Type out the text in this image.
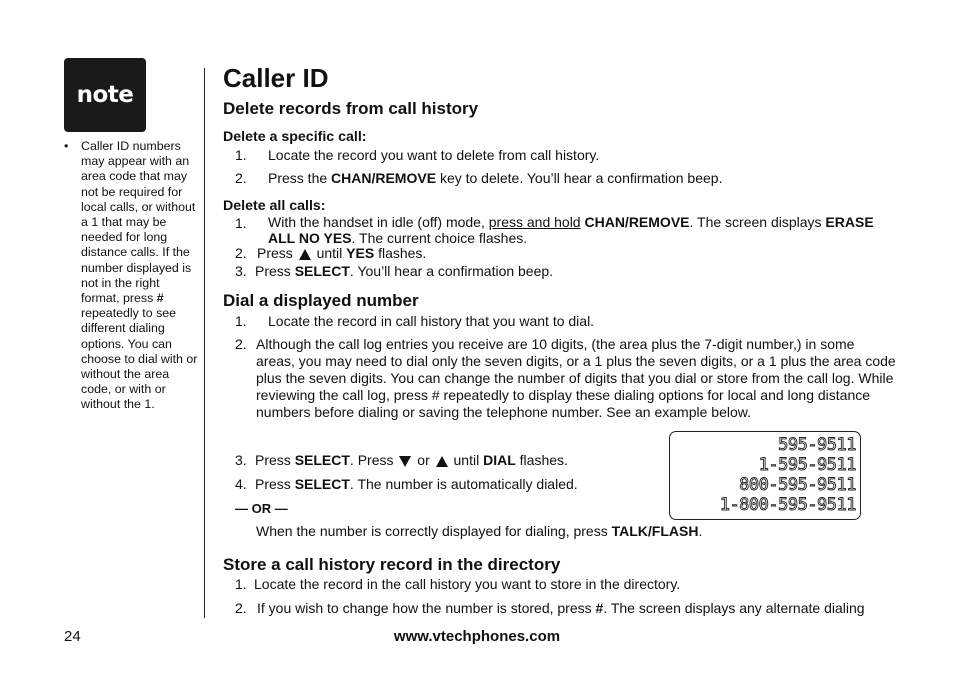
note
• Caller ID numbers may appear with an area code that may not be required for local calls, or without a 1 that may be needed for long distance calls. If the number displayed is not in the right format, press # repeatedly to see different dialing options. You can choose to dial with or without the area code, or with or without the 1.
Caller ID
Delete records from call history
Delete a specific call:
1. Locate the record you want to delete from call history.
2. Press the CHAN/REMOVE key to delete. You’ll hear a confirmation beep.
Delete all calls:
1. With the handset in idle (off) mode, press and hold CHAN/REMOVE. The screen displays ERASE ALL NO YES. The current choice flashes.
2. Press until YES flashes.
3. Press SELECT. You’ll hear a confirmation beep.
Dial a displayed number
1. Locate the record in call history that you want to dial.
2. Although the call log entries you receive are 10 digits, (the area plus the 7-digit number,) in some areas, you may need to dial only the seven digits, or a 1 plus the seven digits, or a 1 plus the area code plus the seven digits. You can change the number of digits that you dial or store from the call log. While reviewing the call log, press # repeatedly to display these dialing options for local and long distance numbers before dialing or saving the telephone number. See an example below.
3. Press SELECT. Press or until DIAL flashes.
4. Press SELECT. The number is automatically dialed.
— OR —
When the number is correctly displayed for dialing, press TALK/FLASH.
Store a call history record in the directory
1. Locate the record in the call history you want to store in the directory.
2. If you wish to change how the number is stored, press #. The screen displays any alternate dialing
595-9511
1-595-9511
800-595-9511
1-800-595-9511
24	www.vtechphones.com
